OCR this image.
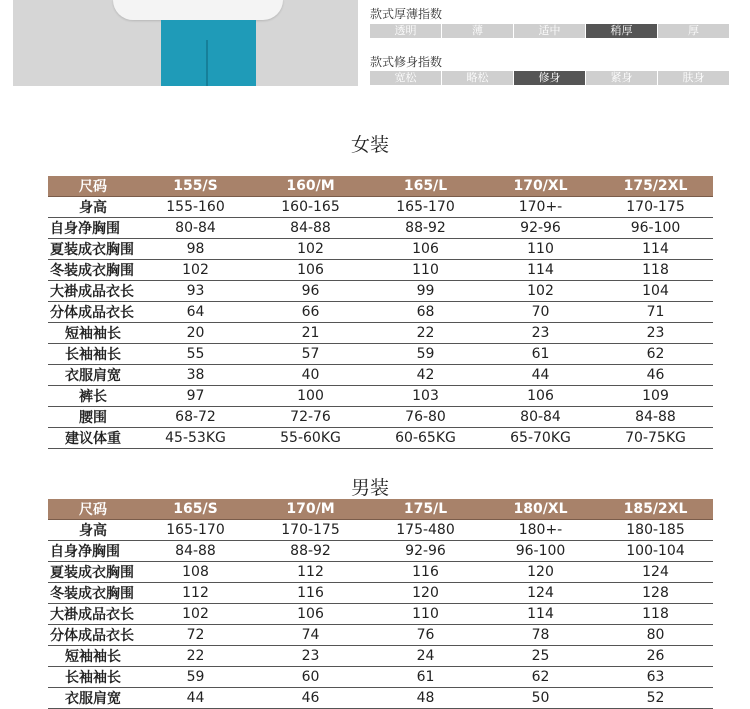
款式厚薄指数
透明	薄	适中	稍厚	厚
款式修身指数
宽松	略松	修身	紧身	肤身
女装
尺码	155/S	160/M	165/L	170/XL	175/2XL
身高	155-160	160-165	165-170	170+-	170-175
自身净胸围	80-84	84-88	88-92	92-96	96-100
夏装成衣胸围	98	102	106	110	114
冬装成衣胸围	102	106	110	114	118
大褂成品衣长	93	96	99	102	104
分体成品衣长	64	66	68	70	71
短袖袖长	20	21	22	23	23
长袖袖长	55	57	59	61	62
衣服肩宽	38	40	42	44	46
裤长	97	100	103	106	109
腰围	68-72	72-76	76-80	80-84	84-88
建议体重	45-53KG	55-60KG	60-65KG	65-70KG	70-75KG
男装
尺码	165/S	170/M	175/L	180/XL	185/2XL
身高	165-170	170-175	175-480	180+-	180-185
自身净胸围	84-88	88-92	92-96	96-100	100-104
夏装成衣胸围	108	112	116	120	124
冬装成衣胸围	112	116	120	124	128
大褂成品衣长	102	106	110	114	118
分体成品衣长	72	74	76	78	80
短袖袖长	22	23	24	25	26
长袖袖长	59	60	61	62	63
衣服肩宽	44	46	48	50	52
